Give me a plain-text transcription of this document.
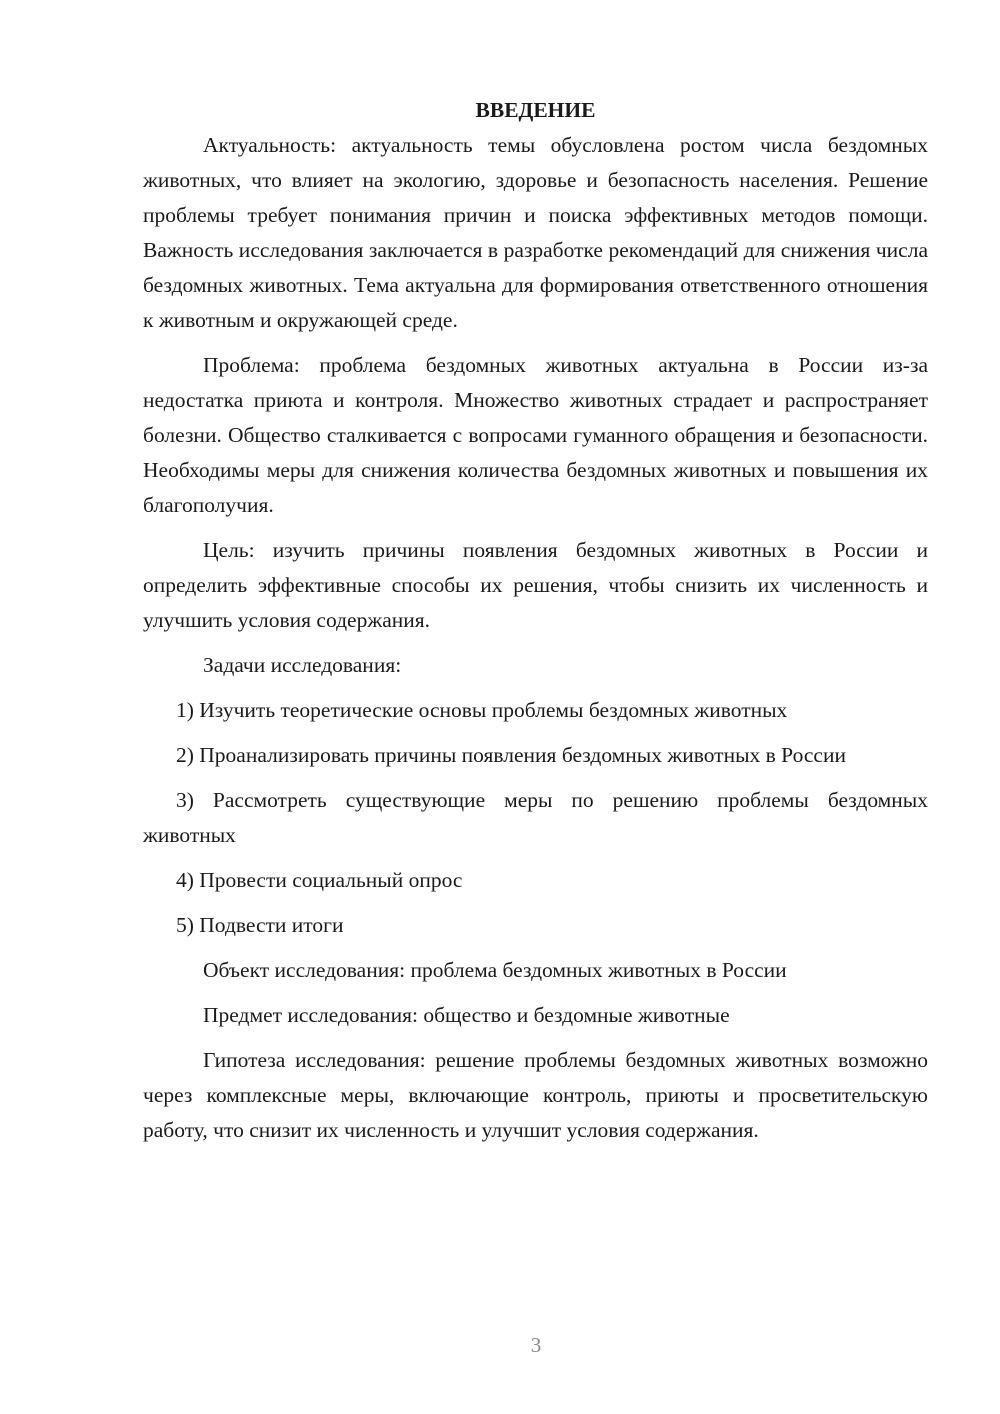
ВВЕДЕНИЕ

Актуальность: актуальность темы обусловлена ростом числа бездомных животных, что влияет на экологию, здоровье и безопасность населения. Решение проблемы требует понимания причин и поиска эффективных методов помощи. Важность исследования заключается в разработке рекомендаций для снижения числа бездомных животных. Тема актуальна для формирования ответственного отношения к животным и окружающей среде.

Проблема: проблема бездомных животных актуальна в России из-за недостатка приюта и контроля. Множество животных страдает и распространяет болезни. Общество сталкивается с вопросами гуманного обращения и безопасности. Необходимы меры для снижения количества бездомных животных и повышения их благополучия.

Цель: изучить причины появления бездомных животных в России и определить эффективные способы их решения, чтобы снизить их численность и улучшить условия содержания.

Задачи исследования:

1) Изучить теоретические основы проблемы бездомных животных

2) Проанализировать причины появления бездомных животных в России

3) Рассмотреть существующие меры по решению проблемы бездомных животных

4) Провести социальный опрос

5) Подвести итоги

Объект исследования: проблема бездомных животных в России

Предмет исследования: общество и бездомные животные

Гипотеза исследования: решение проблемы бездомных животных возможно через комплексные меры, включающие контроль, приюты и просветительскую работу, что снизит их численность и улучшит условия содержания.

3
